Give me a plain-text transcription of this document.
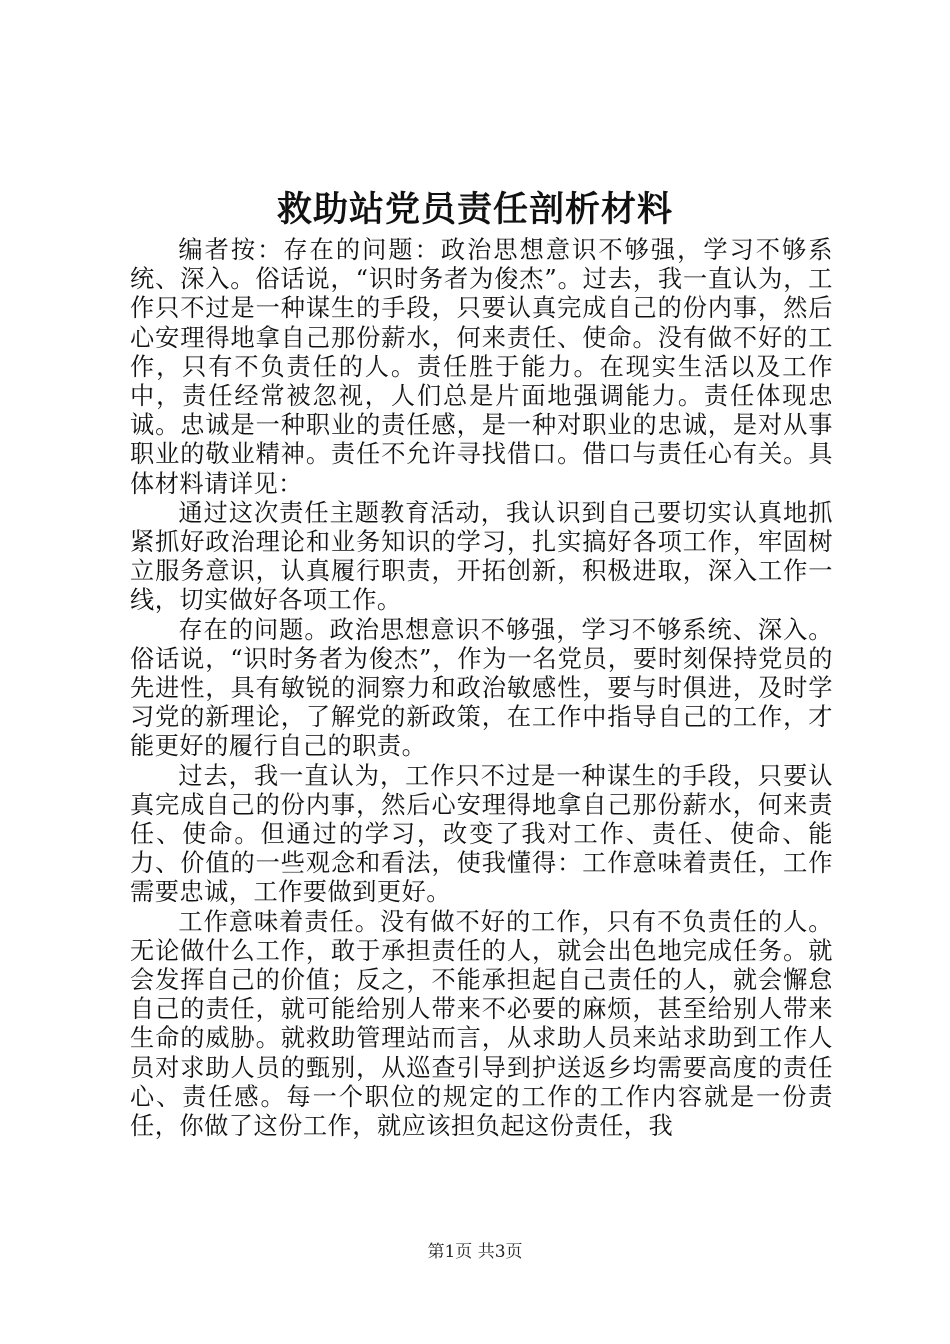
救助站党员责任剖析材料

编者按：存在的问题：政治思想意识不够强，学习不够系统、深入。俗话说，“识时务者为俊杰”。过去，我一直认为，工作只不过是一种谋生的手段，只要认真完成自己的份内事，然后心安理得地拿自己那份薪水，何来责任、使命。没有做不好的工作，只有不负责任的人。责任胜于能力。在现实生活以及工作中，责任经常被忽视，人们总是片面地强调能力。责任体现忠诚。忠诚是一种职业的责任感，是一种对职业的忠诚，是对从事职业的敬业精神。责任不允许寻找借口。借口与责任心有关。具体材料请详见：

通过这次责任主题教育活动，我认识到自己要切实认真地抓紧抓好政治理论和业务知识的学习，扎实搞好各项工作，牢固树立服务意识，认真履行职责，开拓创新，积极进取，深入工作一线，切实做好各项工作。

存在的问题。政治思想意识不够强，学习不够系统、深入。俗话说，“识时务者为俊杰”，作为一名党员，要时刻保持党员的先进性，具有敏锐的洞察力和政治敏感性，要与时俱进，及时学习党的新理论，了解党的新政策，在工作中指导自己的工作，才能更好的履行自己的职责。

过去，我一直认为，工作只不过是一种谋生的手段，只要认真完成自己的份内事，然后心安理得地拿自己那份薪水，何来责任、使命。但通过的学习，改变了我对工作、责任、使命、能力、价值的一些观念和看法，使我懂得：工作意味着责任，工作需要忠诚，工作要做到更好。

工作意味着责任。没有做不好的工作，只有不负责任的人。无论做什么工作，敢于承担责任的人，就会出色地完成任务。就会发挥自己的价值；反之，不能承担起自己责任的人，就会懈怠自己的责任，就可能给别人带来不必要的麻烦，甚至给别人带来生命的威胁。就救助管理站而言，从求助人员来站求助到工作人员对求助人员的甄别，从巡查引导到护送返乡均需要高度的责任心、责任感。每一个职位的规定的工作的工作内容就是一份责任，你做了这份工作，就应该担负起这份责任，我

第1页 共3页
